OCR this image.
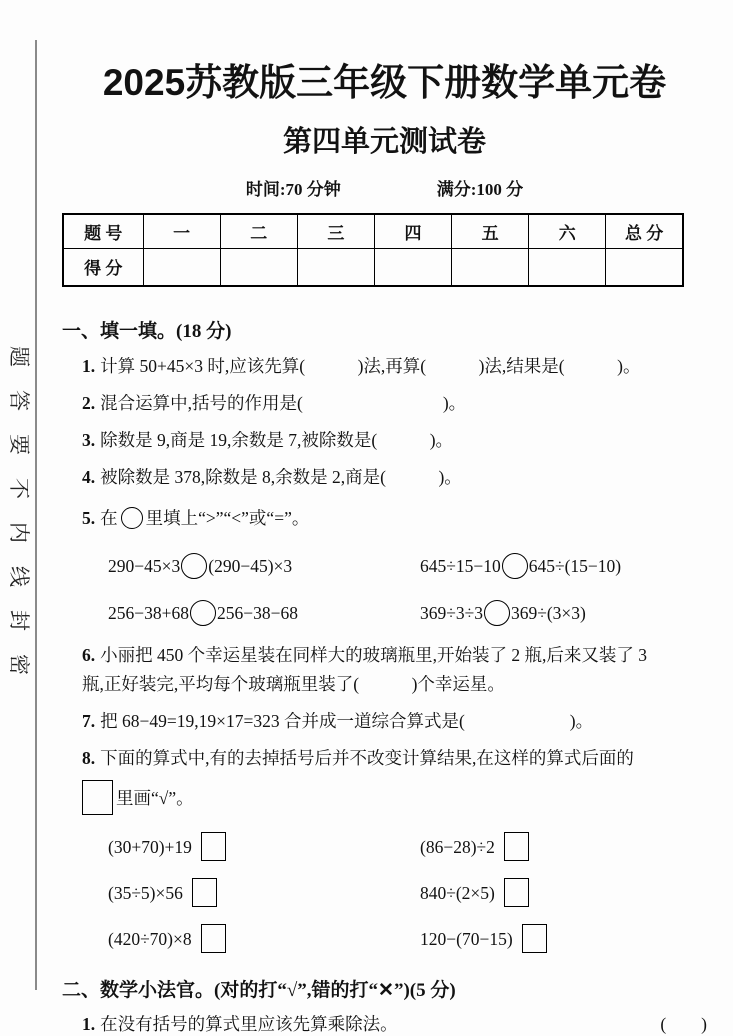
题
答
要
不
内
线
封
密
2025苏教版三年级下册数学单元卷
第四单元测试卷
时间:70 分钟	满分:100 分
题 号	一	二	三	四	五	六	总 分
得 分							
一、填一填。(18 分)
1. 计算 50+45×3 时,应该先算(　　　)法,再算(　　　)法,结果是(　　　)。
2. 混合运算中,括号的作用是(　　　　　　　　)。
3. 除数是 9,商是 19,余数是 7,被除数是(　　　)。
4. 被除数是 378,除数是 8,余数是 2,商是(　　　)。
5. 在 里填上“>”“<”或“=”。
290−45×3 (290−45)×3	645÷15−10 645÷(15−10)
256−38+68 256−38−68	369÷3÷3 369÷(3×3)
6. 小丽把 450 个幸运星装在同样大的玻璃瓶里,开始装了 2 瓶,后来又装了 3
瓶,正好装完,平均每个玻璃瓶里装了(　　　)个幸运星。
7. 把 68−49=19,19×17=323 合并成一道综合算式是(　　　　　　)。
8. 下面的算式中,有的去掉括号后并不改变计算结果,在这样的算式后面的
里画“√”。
(30+70)+19	(86−28)÷2
(35÷5)×56	840÷(2×5)
(420÷70)×8	120−(70−15)
二、数学小法官。(对的打“√”,错的打“✕”)(5 分)
1. 在没有括号的算式里应该先算乘除法。	(　　)
